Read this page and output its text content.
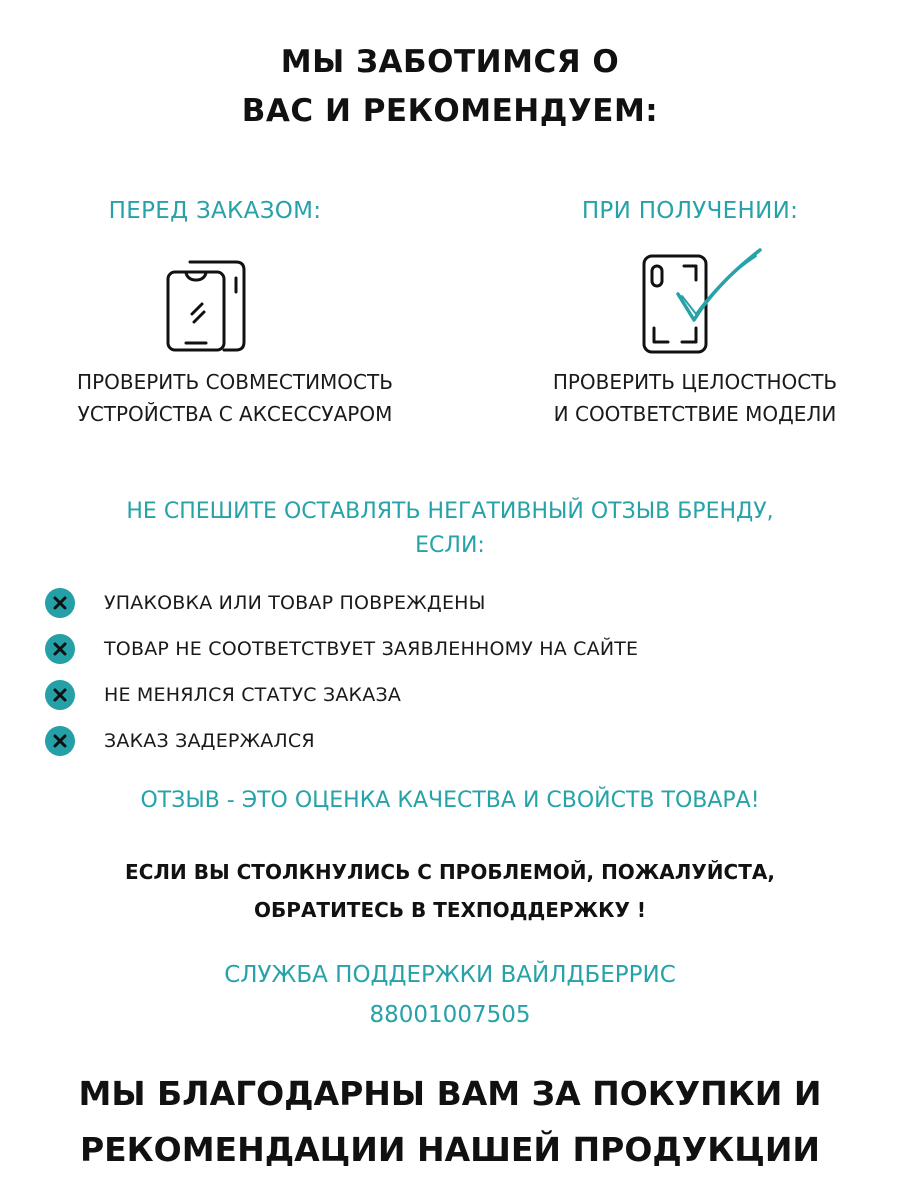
МЫ ЗАБОТИМСЯ О
ВАС И РЕКОМЕНДУЕМ:
ПЕРЕД ЗАКАЗОМ:	ПРИ ПОЛУЧЕНИИ:
ПРОВЕРИТЬ СОВМЕСТИМОСТЬ
УСТРОЙСТВА С АКСЕССУАРОМ
ПРОВЕРИТЬ ЦЕЛОСТНОСТЬ
И СООТВЕТСТВИЕ МОДЕЛИ
НЕ СПЕШИТЕ ОСТАВЛЯТЬ НЕГАТИВНЫЙ ОТЗЫВ БРЕНДУ,
ЕСЛИ:
УПАКОВКА ИЛИ ТОВАР ПОВРЕЖДЕНЫ
ТОВАР НЕ СООТВЕТСТВУЕТ ЗАЯВЛЕННОМУ НА САЙТЕ
НЕ МЕНЯЛСЯ СТАТУС ЗАКАЗА
ЗАКАЗ ЗАДЕРЖАЛСЯ
ОТЗЫВ - ЭТО ОЦЕНКА КАЧЕСТВА И СВОЙСТВ ТОВАРА!
ЕСЛИ ВЫ СТОЛКНУЛИСЬ С ПРОБЛЕМОЙ, ПОЖАЛУЙСТА,
ОБРАТИТЕСЬ В ТЕХПОДДЕРЖКУ !
СЛУЖБА ПОДДЕРЖКИ ВАЙЛДБЕРРИС
88001007505
МЫ БЛАГОДАРНЫ ВАМ ЗА ПОКУПКИ И
РЕКОМЕНДАЦИИ НАШЕЙ ПРОДУКЦИИ
